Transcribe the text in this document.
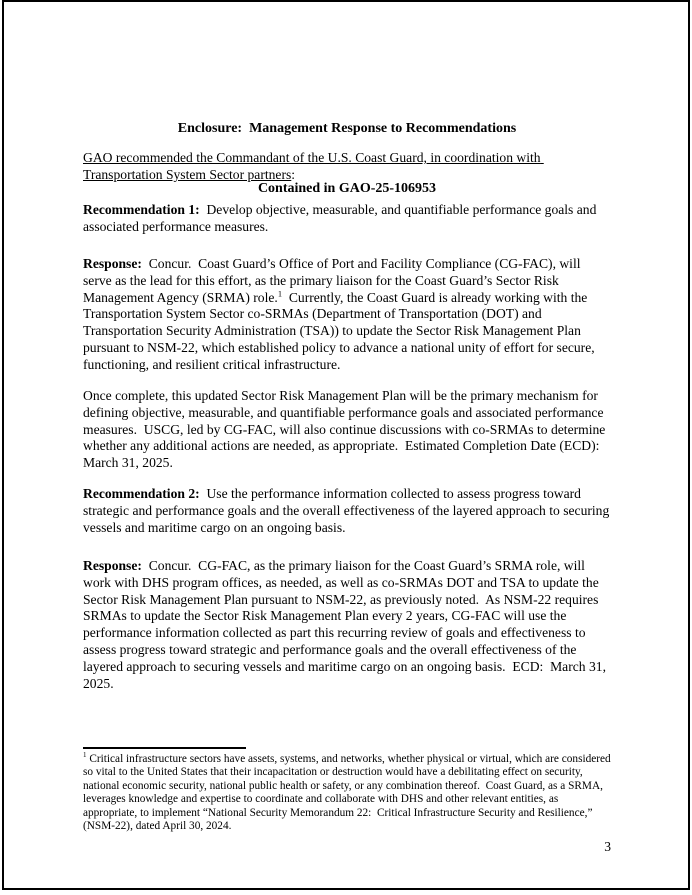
Enclosure:  Management Response to Recommendations

Contained in GAO-25-106953

GAO recommended the Commandant of the U.S. Coast Guard, in coordination with Transportation System Sector partners:

Recommendation 1:  Develop objective, measurable, and quantifiable performance goals and associated performance measures.

Response:  Concur.  Coast Guard’s Office of Port and Facility Compliance (CG-FAC), will serve as the lead for this effort, as the primary liaison for the Coast Guard’s Sector Risk Management Agency (SRMA) role.$^1$  Currently, the Coast Guard is already working with the Transportation System Sector co-SRMAs (Department of Transportation (DOT) and Transportation Security Administration (TSA)) to update the Sector Risk Management Plan pursuant to NSM-22, which established policy to advance a national unity of effort for secure, functioning, and resilient critical infrastructure.

Once complete, this updated Sector Risk Management Plan will be the primary mechanism for defining objective, measurable, and quantifiable performance goals and associated performance measures.  USCG, led by CG-FAC, will also continue discussions with co-SRMAs to determine whether any additional actions are needed, as appropriate.  Estimated Completion Date (ECD):  March 31, 2025.

Recommendation 2:  Use the performance information collected to assess progress toward strategic and performance goals and the overall effectiveness of the layered approach to securing vessels and maritime cargo on an ongoing basis.

Response:  Concur.  CG-FAC, as the primary liaison for the Coast Guard’s SRMA role, will work with DHS program offices, as needed, as well as co-SRMAs DOT and TSA to update the Sector Risk Management Plan pursuant to NSM-22, as previously noted.  As NSM-22 requires SRMAs to update the Sector Risk Management Plan every 2 years, CG-FAC will use the performance information collected as part this recurring review of goals and effectiveness to assess progress toward strategic and performance goals and the overall effectiveness of the layered approach to securing vessels and maritime cargo on an ongoing basis.  ECD:  March 31, 2025.

$^1$ Critical infrastructure sectors have assets, systems, and networks, whether physical or virtual, which are considered so vital to the United States that their incapacitation or destruction would have a debilitating effect on security, national economic security, national public health or safety, or any combination thereof.  Coast Guard, as a SRMA, leverages knowledge and expertise to coordinate and collaborate with DHS and other relevant entities, as appropriate, to implement “National Security Memorandum 22:  Critical Infrastructure Security and Resilience,” (NSM-22), dated April 30, 2024.

3
